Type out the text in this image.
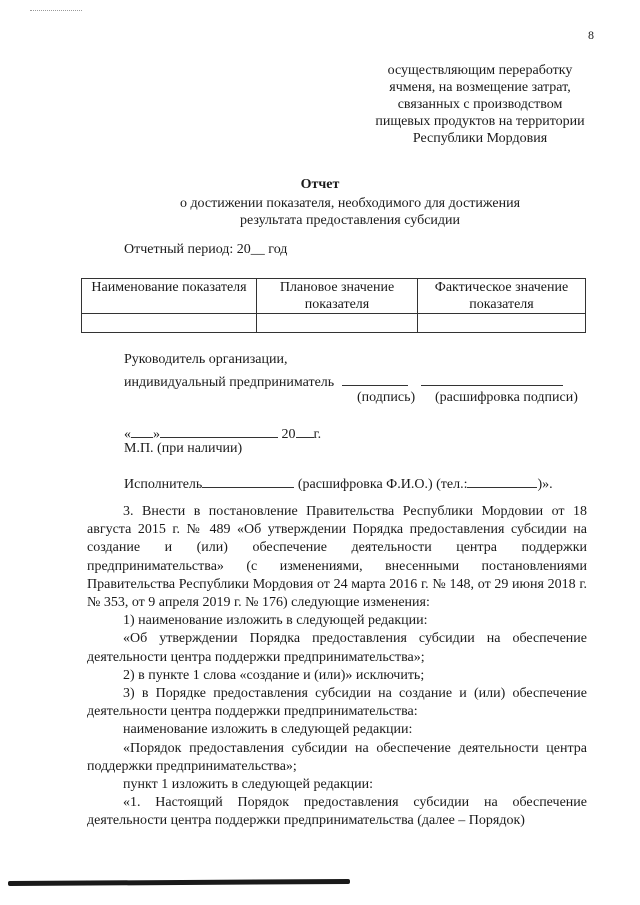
8
осуществляющим переработку
ячменя, на возмещение затрат,
связанных с производством
пищевых продуктов на территории
Республики Мордовия
Отчет
о достижении показателя, необходимого для достижения
результата предоставления субсидии
Отчетный период: 20__ год
Наименование показателя	Плановое значение показателя	Фактическое значение показателя

Руководитель организации,
индивидуальный предприниматель
(подпись) (расшифровка подписи)
« »	20 г.
М.П. (при наличии)
Исполнитель	(расшифровка Ф.И.О.) (тел.:	)».

3. Внести в постановление Правительства Республики Мордовии от 18 августа 2015 г. № 489 «Об утверждении Порядка предоставления субсидии на создание и (или) обеспечение деятельности центра поддержки предпринимательства» (с изменениями, внесенными постановлениями Правительства Республики Мордовия от 24 марта 2016 г. № 148, от 29 июня 2018 г. № 353, от 9 апреля 2019 г. № 176) следующие изменения:

1) наименование изложить в следующей редакции:

«Об утверждении Порядка предоставления субсидии на обеспечение деятельности центра поддержки предпринимательства»;

2) в пункте 1 слова «создание и (или)» исключить;

3) в Порядке предоставления субсидии на создание и (или) обеспечение деятельности центра поддержки предпринимательства:

наименование изложить в следующей редакции:

«Порядок предоставления субсидии на обеспечение деятельности центра поддержки предпринимательства»;

пункт 1 изложить в следующей редакции:

«1. Настоящий Порядок предоставления субсидии на обеспечение деятельности центра поддержки предпринимательства (далее – Порядок)
